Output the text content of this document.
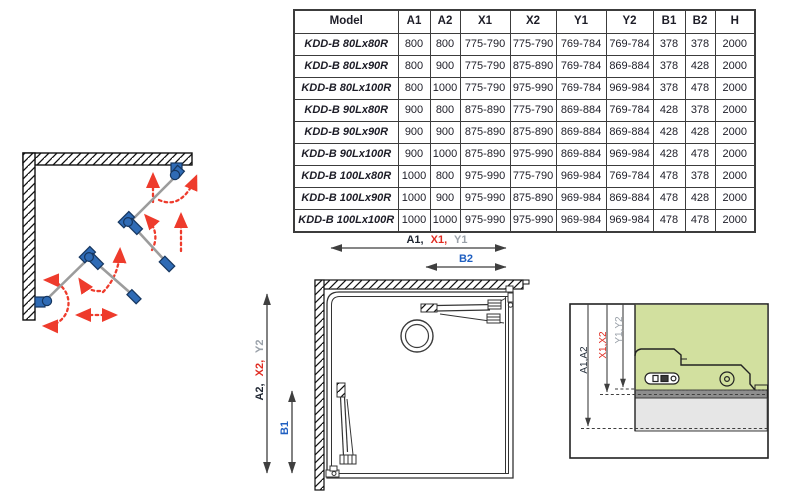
Model	A1	A2	X1	X2	Y1	Y2	B1	B2	H
KDD-B 80Lx80R	800	800	775-790	775-790	769-784	769-784	378	378	2000
KDD-B 80Lx90R	800	900	775-790	875-890	769-784	869-884	378	428	2000
KDD-B 80Lx100R	800	1000	775-790	975-990	769-784	969-984	378	478	2000
KDD-B 90Lx80R	900	800	875-890	775-790	869-884	769-784	428	378	2000
KDD-B 90Lx90R	900	900	875-890	875-890	869-884	869-884	428	428	2000
KDD-B 90Lx100R	900	1000	875-890	975-990	869-884	969-984	428	478	2000
KDD-B 100Lx80R	1000	800	975-990	775-790	969-984	769-784	478	378	2000
KDD-B 100Lx90R	1000	900	975-990	875-890	969-984	869-884	478	428	2000
KDD-B 100Lx100R	1000	1000	975-990	975-990	969-984	969-984	478	478	2000
A1, X1, Y1
B2
A2, X2, Y2
B1
A1,A2
X1,X2
Y1,Y2
